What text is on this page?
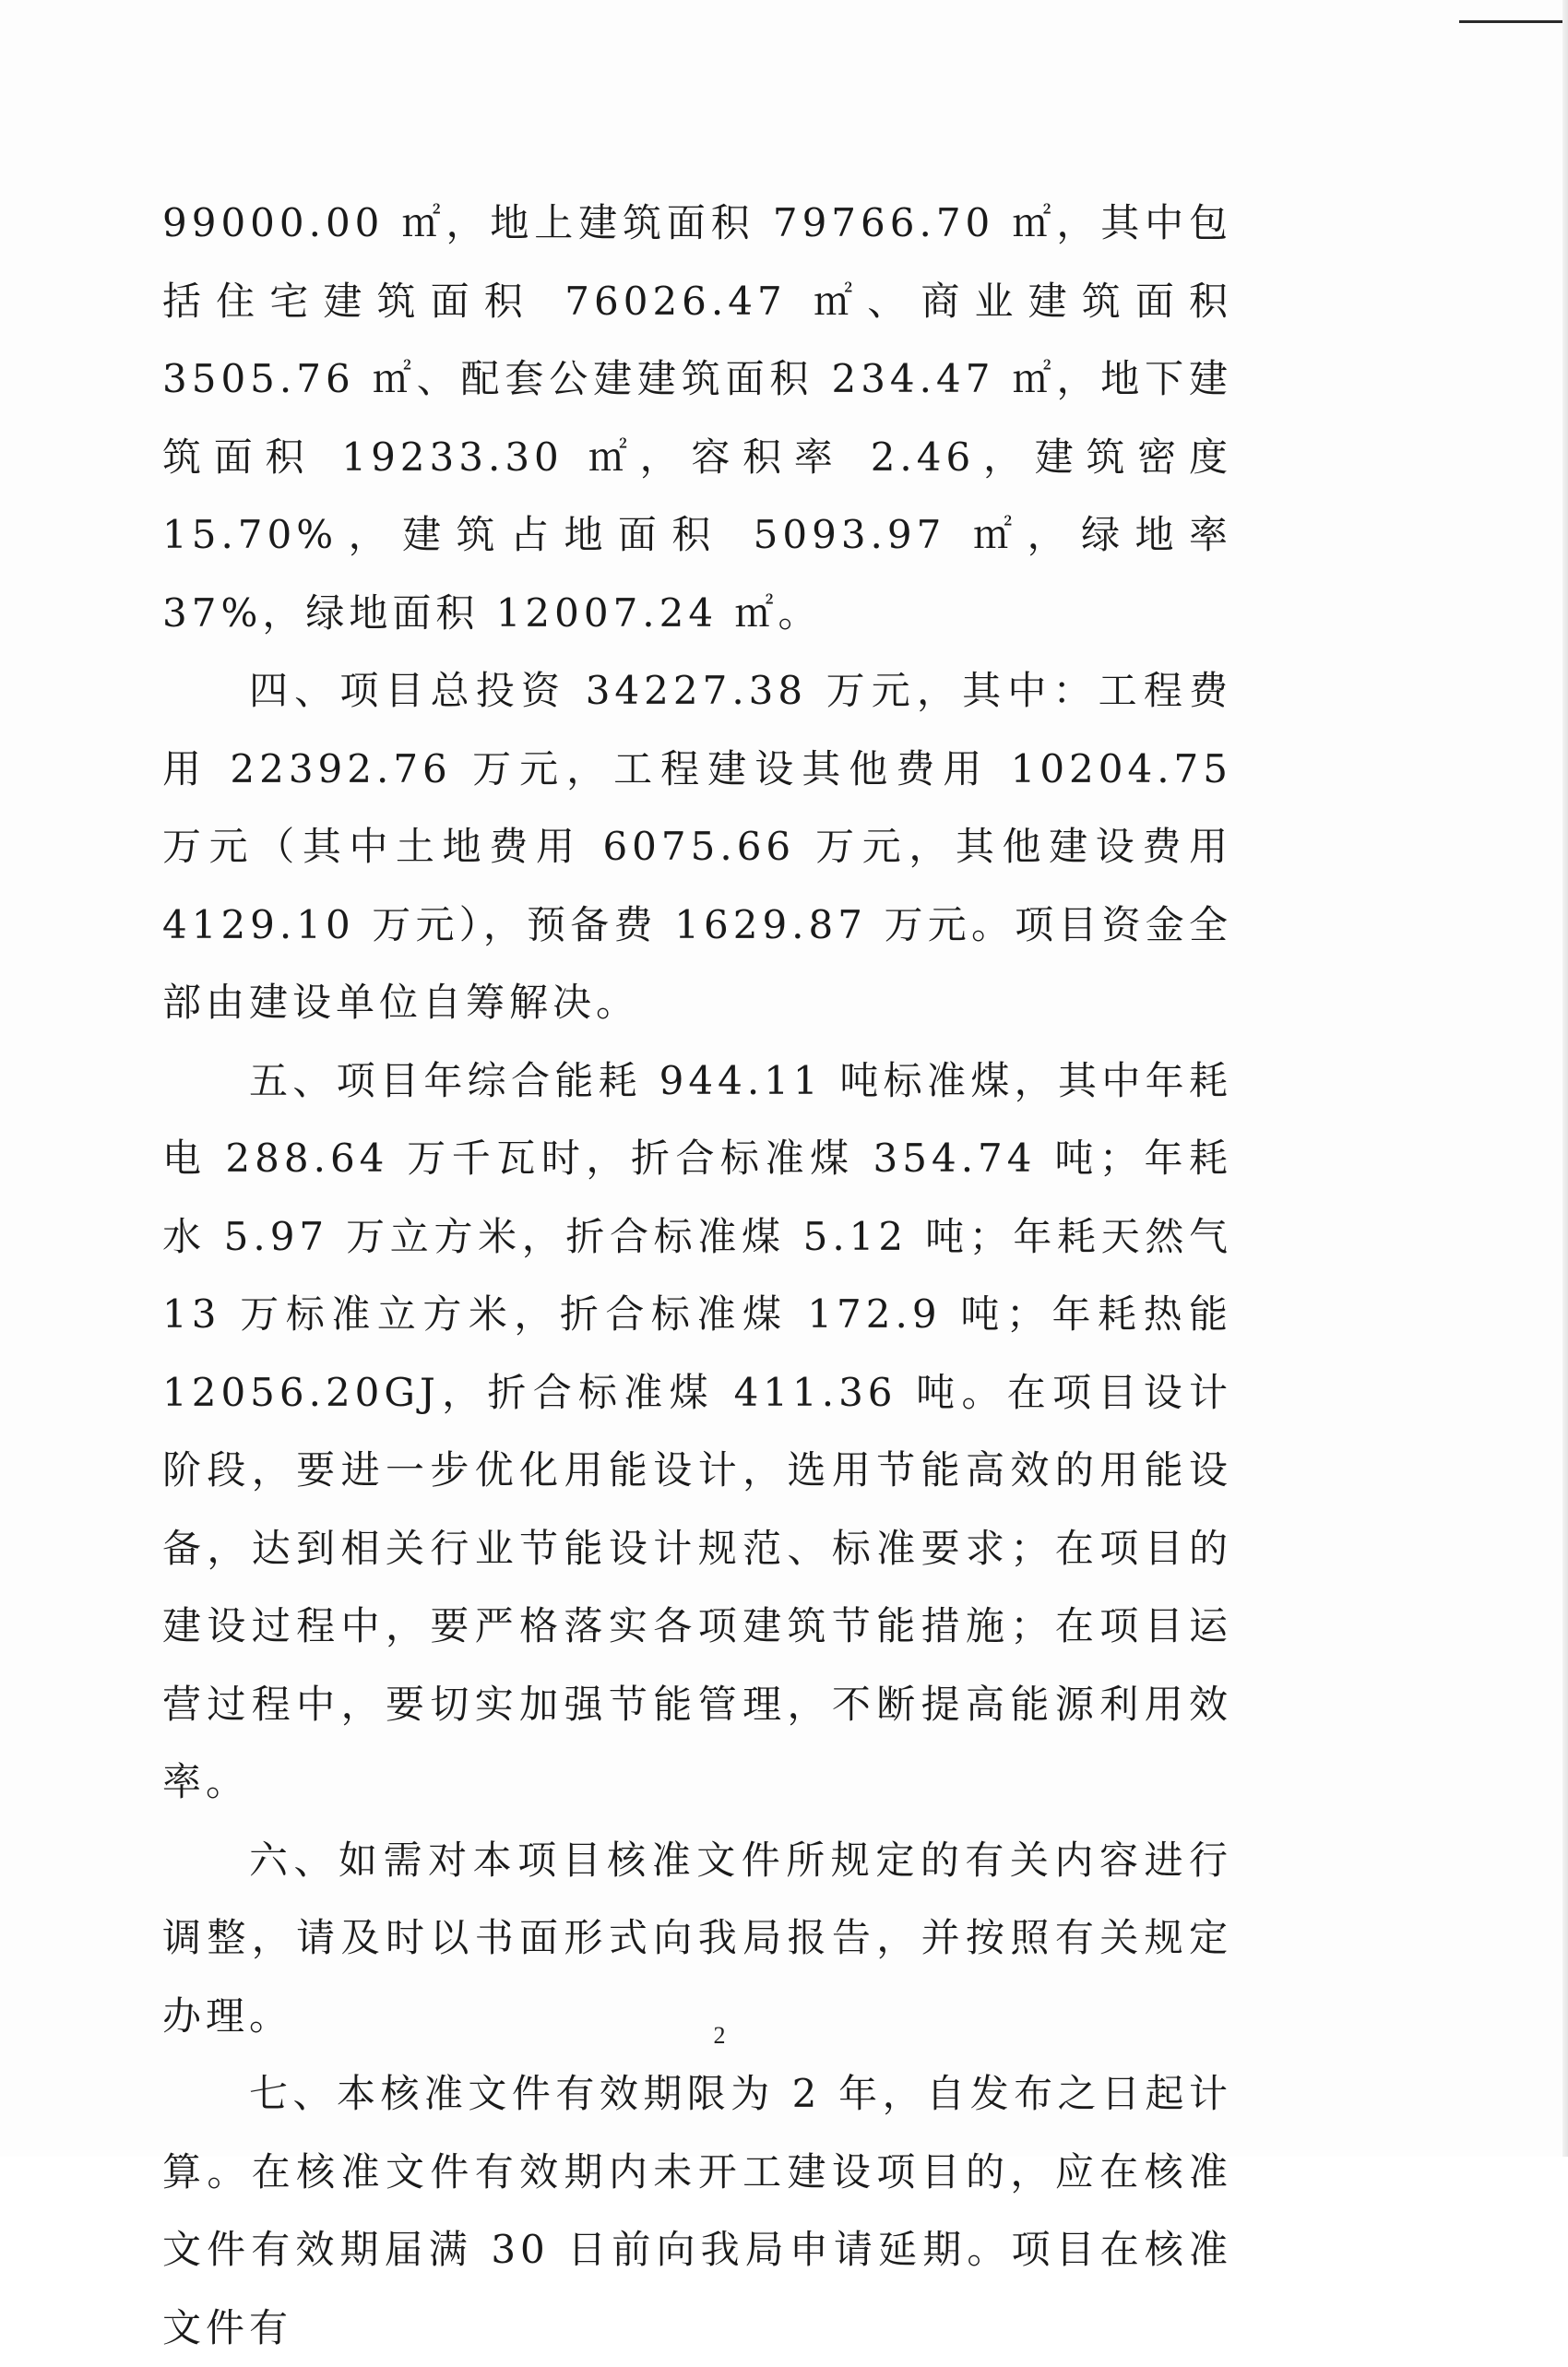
99000.00 ㎡，地上建筑面积 79766.70 ㎡，其中包括住宅建筑面积 76026.47 ㎡、商业建筑面积 3505.76 ㎡、配套公建建筑面积 234.47 ㎡，地下建筑面积 19233.30 ㎡，容积率 2.46，建筑密度 15.70%，建筑占地面积 5093.97 ㎡，绿地率 37%，绿地面积 12007.24 ㎡。

四、项目总投资 34227.38 万元，其中：工程费用 22392.76 万元，工程建设其他费用 10204.75 万元（其中土地费用 6075.66 万元，其他建设费用 4129.10 万元），预备费 1629.87 万元。项目资金全部由建设单位自筹解决。

五、项目年综合能耗 944.11 吨标准煤，其中年耗电 288.64 万千瓦时，折合标准煤 354.74 吨；年耗水 5.97 万立方米，折合标准煤 5.12 吨；年耗天然气 13 万标准立方米，折合标准煤 172.9 吨；年耗热能 12056.20GJ，折合标准煤 411.36 吨。在项目设计阶段，要进一步优化用能设计，选用节能高效的用能设备，达到相关行业节能设计规范、标准要求；在项目的建设过程中，要严格落实各项建筑节能措施；在项目运营过程中，要切实加强节能管理，不断提高能源利用效率。

六、如需对本项目核准文件所规定的有关内容进行调整，请及时以书面形式向我局报告，并按照有关规定办理。

七、本核准文件有效期限为 2 年，自发布之日起计算。在核准文件有效期内未开工建设项目的，应在核准文件有效期届满 30 日前向我局申请延期。项目在核准文件有

2
